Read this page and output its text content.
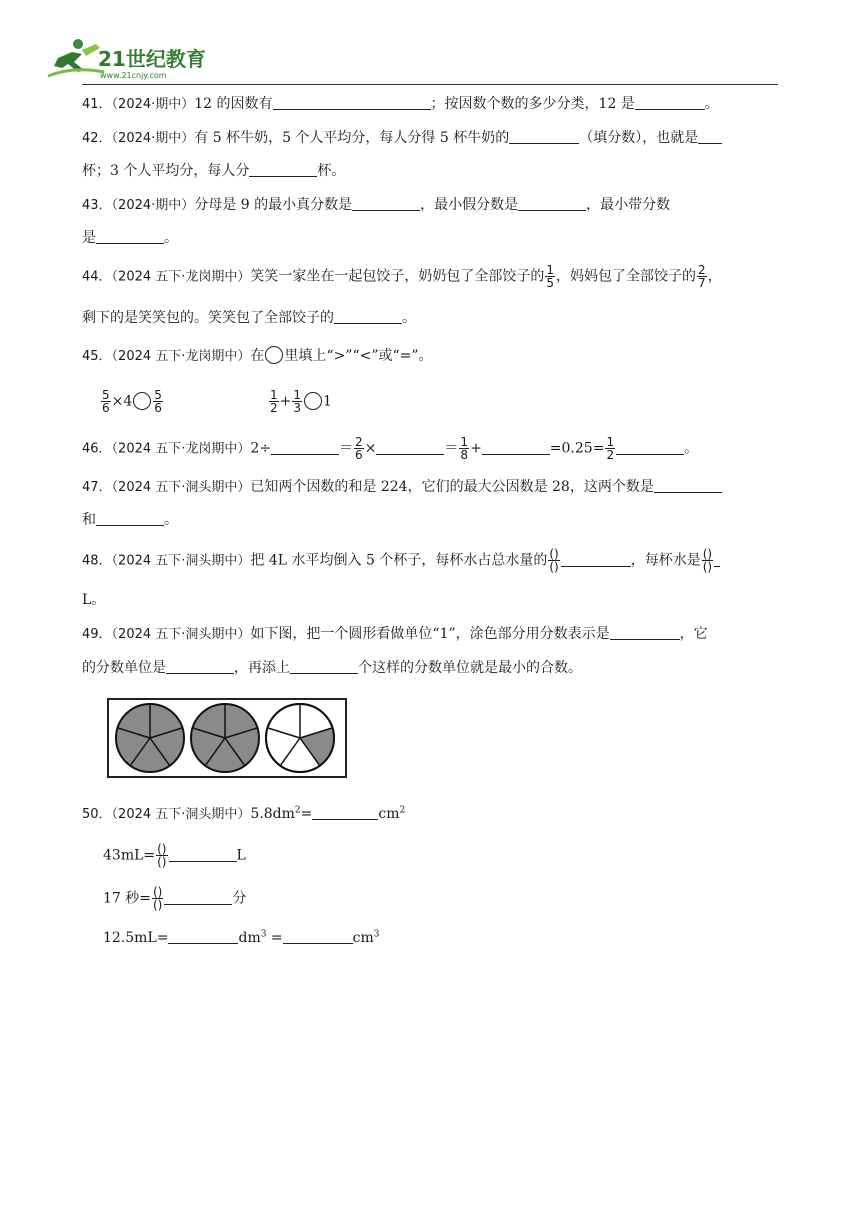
21世纪教育
www.21cnjy.com
41．（2024·期中）12 的因数有	；按因数个数的多少分类，12 是	。
42．（2024·期中）有 5 杯牛奶，5 个人平均分，每人分得 5 杯牛奶的	（填分数），也就是
杯；3 个人平均分，每人分	杯。
43．（2024·期中）分母是 9 的最小真分数是	，最小假分数是	，最小带分数
是	。
44．（2024 五下·龙岗期中）笑笑一家坐在一起包饺子，奶奶包了全部饺子的 $\frac{1}{5}$ ，妈妈包了全部饺子的 $\frac{2}{7}$ ，
剩下的是笑笑包的。笑笑包了全部饺子的	。
45．（2024 五下·龙岗期中）在 里填上“>”“<”或“=”。
$\frac{5}{6} \times 4 \frac{5}{6}$	$\frac{1}{2} + \frac{1}{3} 1$
46．（2024 五下·龙岗期中）2÷	＝ $\frac{2}{6}$ ×	＝ $\frac{1}{8}$ +	$=0.25= \frac{1}{2}$	。
47．（2024 五下·洞头期中）已知两个因数的和是 224，它们的最大公因数是 28，这两个数是
和	。
48．（2024 五下·洞头期中）把 4L 水平均倒入 5 个杯子，每杯水占总水量的 $\frac{()}{()}$	，每杯水是 $\frac{()}{()}$
L。
49．（2024 五下·洞头期中）如下图，把一个圆形看做单位“1”，涂色部分用分数表示是	，它
的分数单位是	，再添上	个这样的分数单位就是最小的合数。
50．（2024 五下·洞头期中）$5.8dm^2=$	$cm^2$
$43mL= \frac{()}{()}$	L
17 秒= $\frac{()}{()}$	分
12.5mL=	$dm^3$ =	$cm^3$
